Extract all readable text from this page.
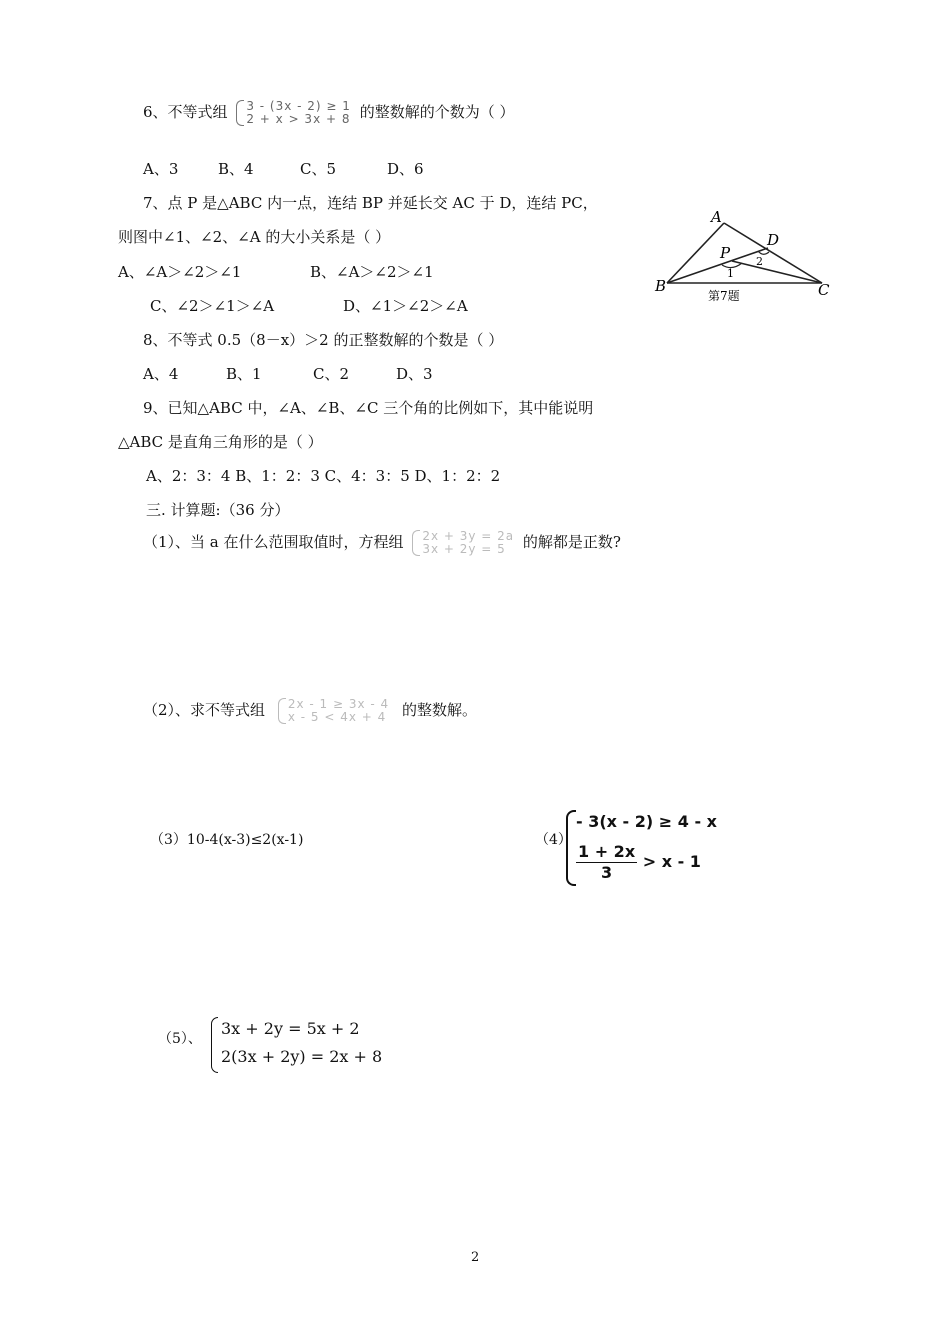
6、不等式组 3 - (3x - 2) ≥ 1
2 + x > 3x + 8 的整数解的个数为（ ）
A、3	B、4	C、5	D、6
7、点 P 是△ABC 内一点，连结 BP 并延长交 AC 于 D，连结 PC，
则图中∠1、∠2、∠A 的大小关系是（ ）
A、∠A＞∠2＞∠1	B、∠A＞∠2＞∠1
C、∠2＞∠1＞∠A	D、∠1＞∠2＞∠A
A
B	C
D
P
1
2
第7题
8、不等式 0.5（8－x）＞2 的正整数解的个数是（ ）
A、4	B、1	C、2	D、3
9、已知△ABC 中，∠A、∠B、∠C 三个角的比例如下，其中能说明
△ABC 是直角三角形的是（ ）
A、2：3：4 B、1：2：3 C、4：3：5 D、1：2：2
三. 计算题:（36 分）
（1）、当 a 在什么范围取值时，方程组 2x + 3y = 2a
3x + 2y = 5	的解都是正数?
（2）、求不等式组 2x - 1 ≥ 3x - 4
x - 5 < 4x + 4 的整数解。
（3）10-4(x-3)≤2(x-1)	（4）
- 3(x - 2) ≥ 4 - x
$\frac{1 + 2x}{3} > x - 1$
（5）、
3x + 2y = 5x + 2
2(3x + 2y) = 2x + 8
2
